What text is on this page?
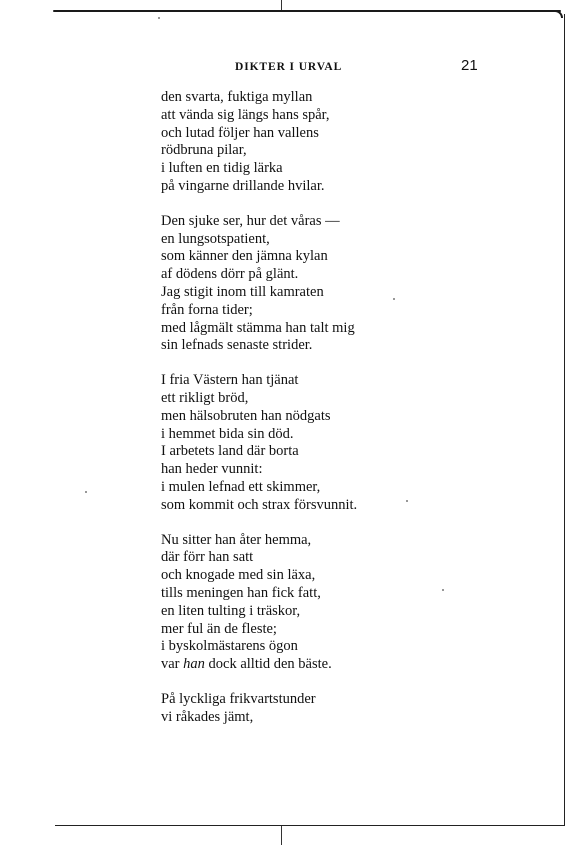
DIKTER I URVAL	21
den svarta, fuktiga myllan
att vända sig längs hans spår,
och lutad följer han vallens
rödbruna pilar,
i luften en tidig lärka
på vingarne drillande hvilar.
Den sjuke ser, hur det våras —
en lungsotspatient,
som känner den jämna kylan
af dödens dörr på glänt.
Jag stigit inom till kamraten
från forna tider;
med lågmält stämma han talt mig
sin lefnads senaste strider.
I fria Västern han tjänat
ett rikligt bröd,
men hälsobruten han nödgats
i hemmet bida sin död.
I arbetets land där borta
han heder vunnit:
i mulen lefnad ett skimmer,
som kommit och strax försvunnit.
Nu sitter han åter hemma,
där förr han satt
och knogade med sin läxa,
tills meningen han fick fatt,
en liten tulting i träskor,
mer ful än de fleste;
i byskolmästarens ögon
var han dock alltid den bäste.
På lyckliga frikvartstunder
vi råkades jämt,
